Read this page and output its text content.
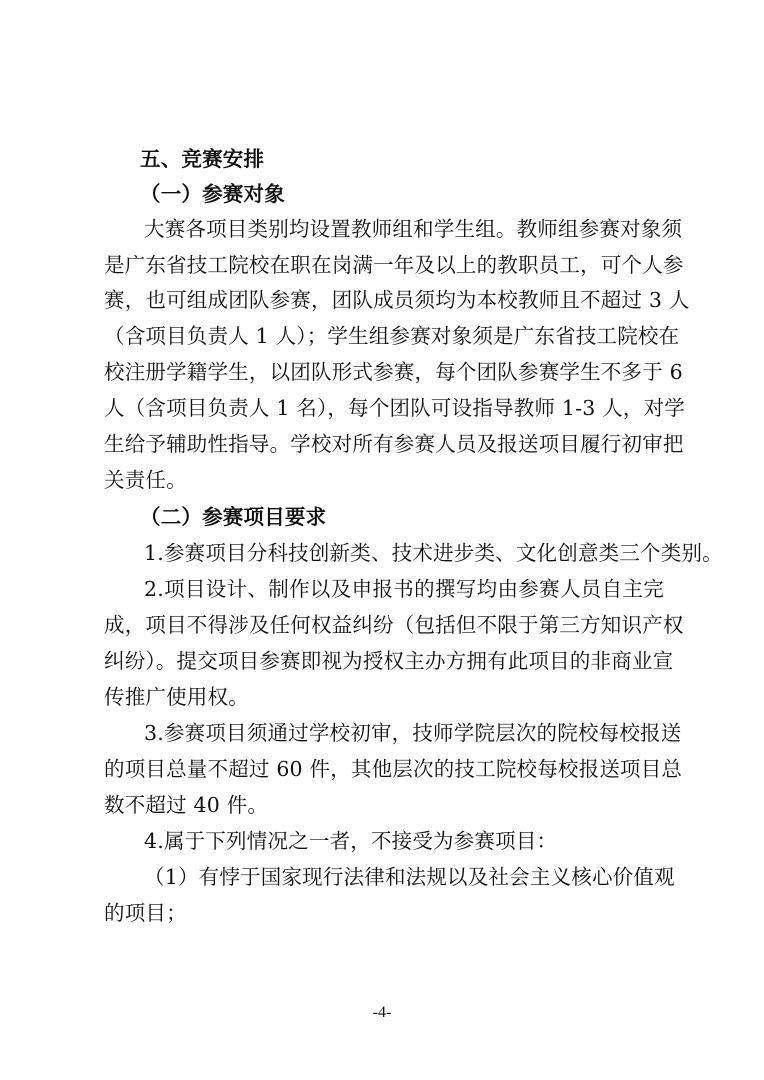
五、竞赛安排
（一）参赛对象
大赛各项目类别均设置教师组和学生组。教师组参赛对象须
是广东省技工院校在职在岗满一年及以上的教职员工，可个人参
赛，也可组成团队参赛，团队成员须均为本校教师且不超过 3 人
（含项目负责人 1 人）；学生组参赛对象须是广东省技工院校在
校注册学籍学生，以团队形式参赛，每个团队参赛学生不多于 6
人（含项目负责人 1 名），每个团队可设指导教师 1-3 人，对学
生给予辅助性指导。学校对所有参赛人员及报送项目履行初审把
关责任。
（二）参赛项目要求
1.参赛项目分科技创新类、技术进步类、文化创意类三个类别。
2.项目设计、制作以及申报书的撰写均由参赛人员自主完
成，项目不得涉及任何权益纠纷（包括但不限于第三方知识产权
纠纷）。提交项目参赛即视为授权主办方拥有此项目的非商业宣
传推广使用权。
3.参赛项目须通过学校初审，技师学院层次的院校每校报送
的项目总量不超过 60 件，其他层次的技工院校每校报送项目总
数不超过 40 件。
4.属于下列情况之一者，不接受为参赛项目：
（1）有悖于国家现行法律和法规以及社会主义核心价值观
的项目；
-4-
